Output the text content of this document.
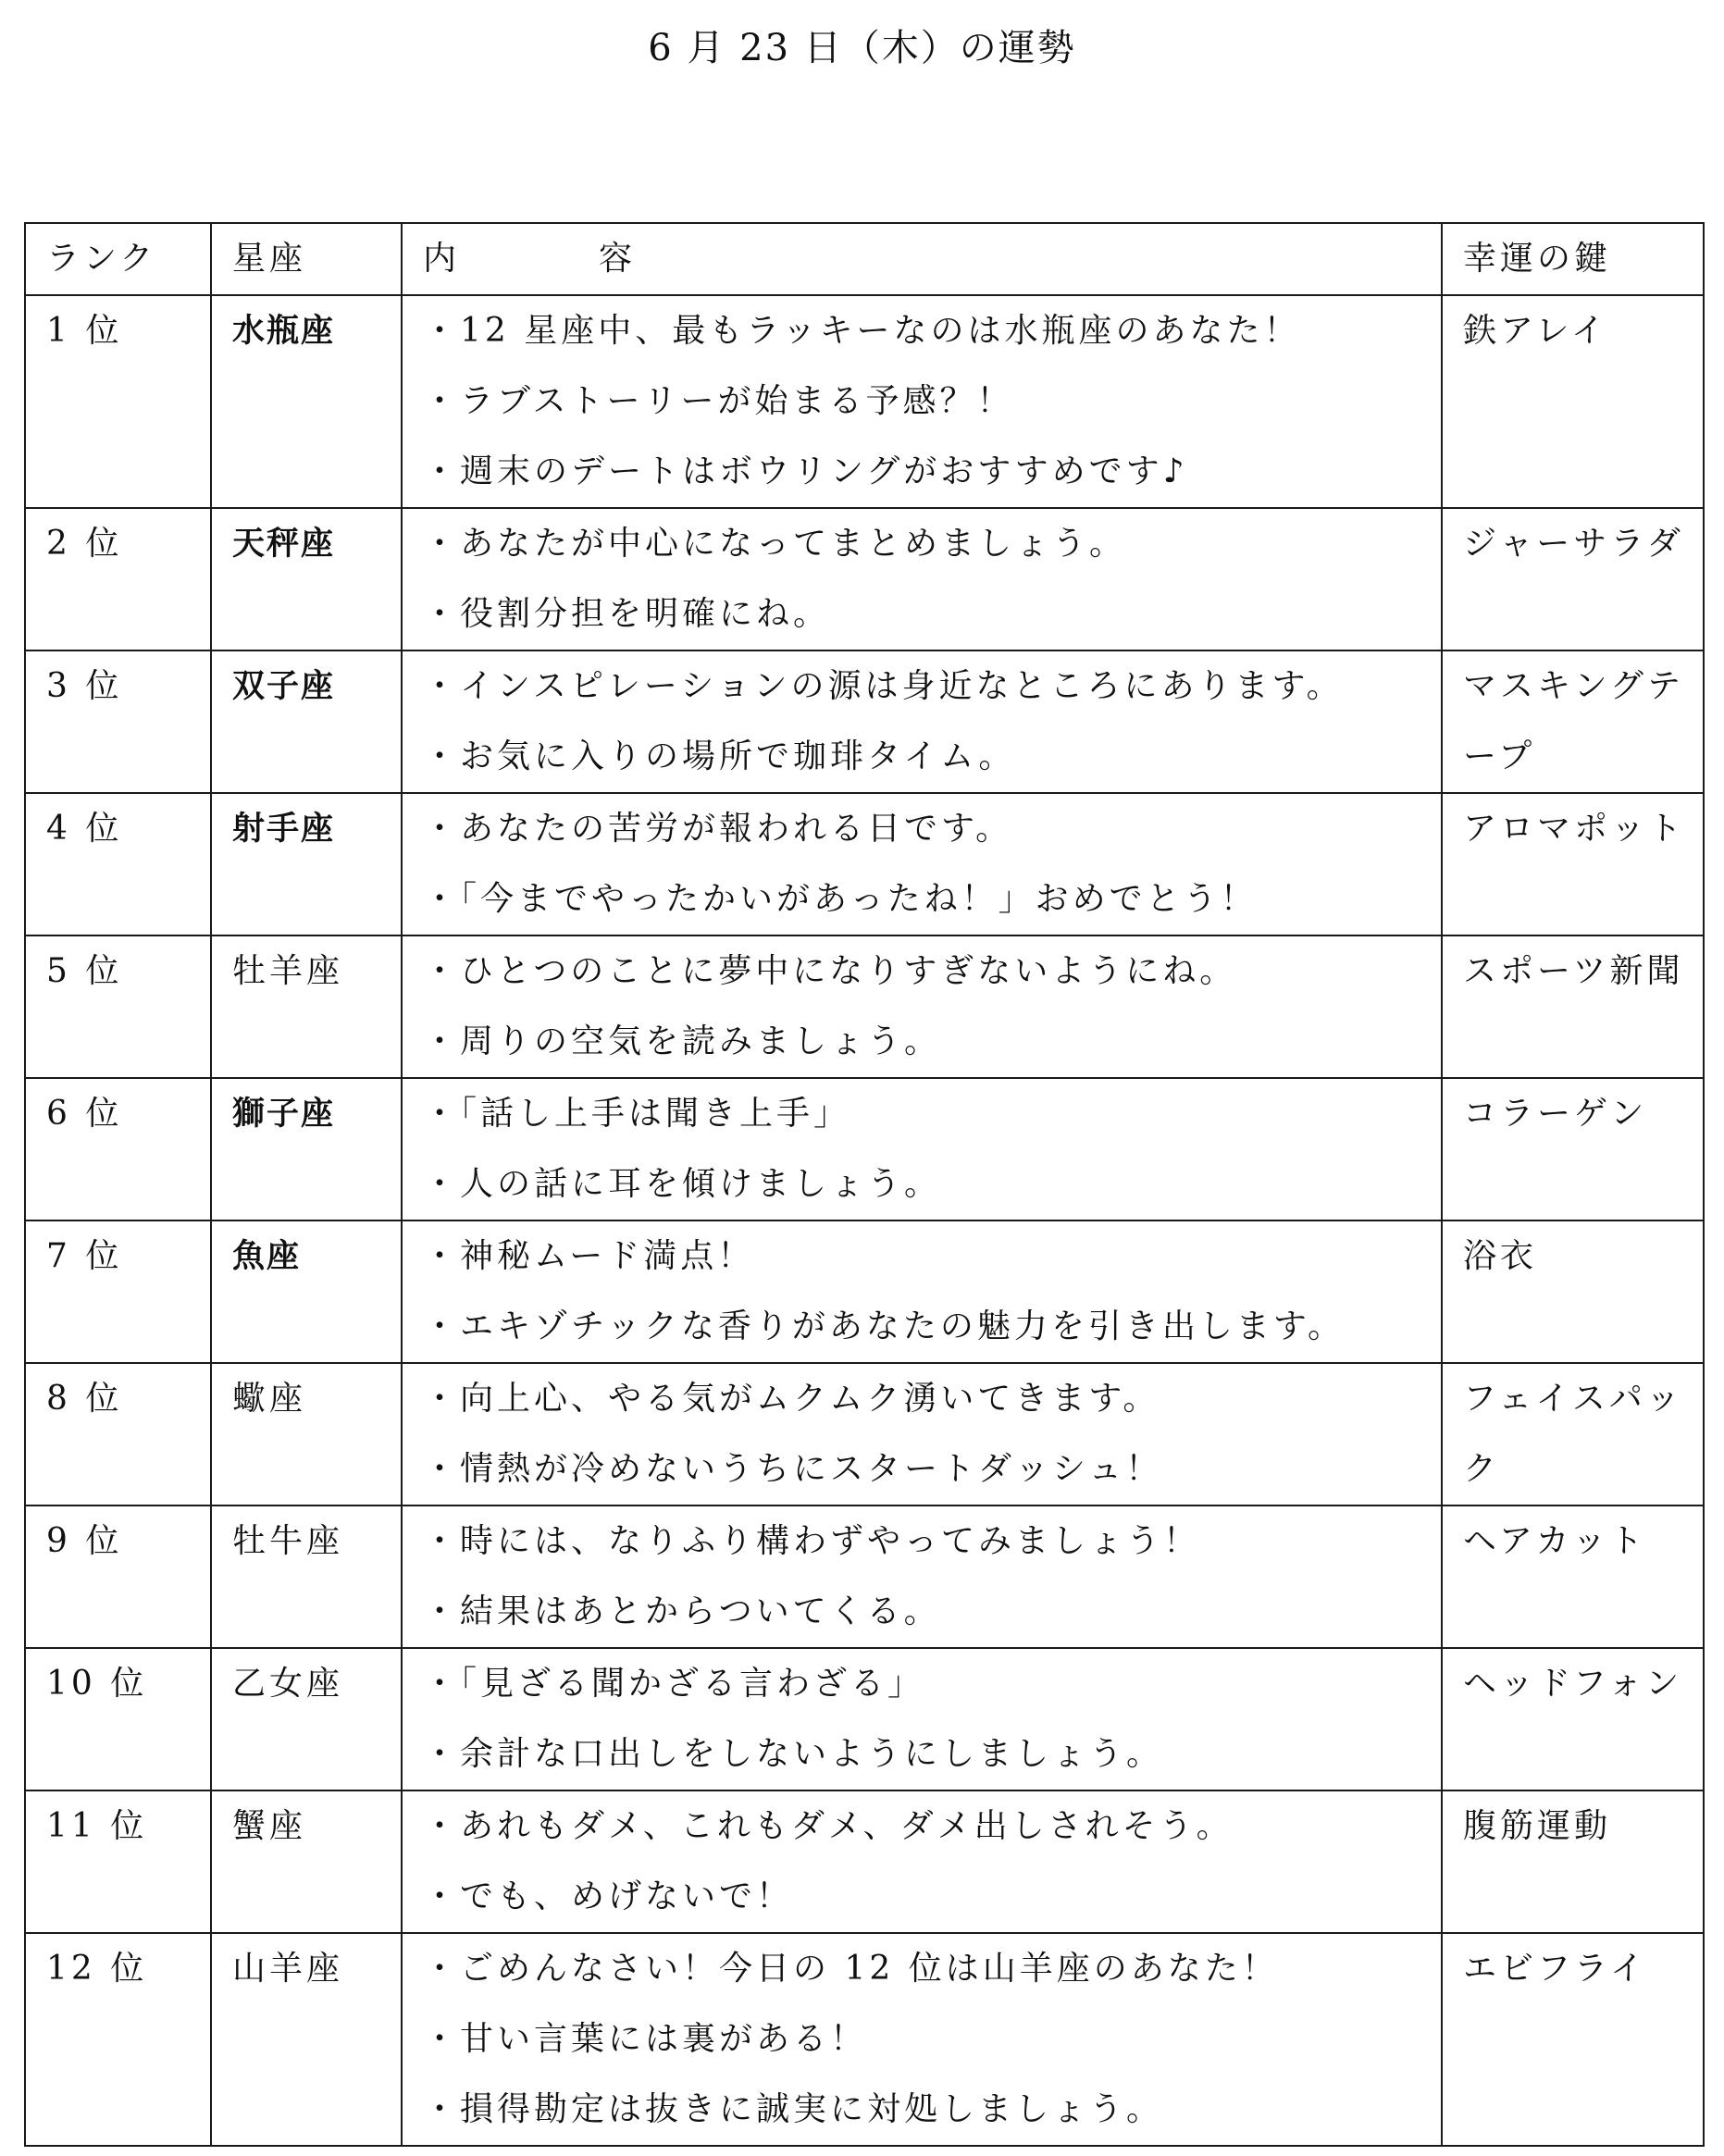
6 月 23 日（木）の運勢
ランク	星座	内 容	幸運の鍵
1 位	水瓶座	・12 星座中、最もラッキーなのは水瓶座のあなた！
・ラブストーリーが始まる予感？！
・週末のデートはボウリングがおすすめです♪	鉄アレイ
2 位	天秤座	・あなたが中心になってまとめましょう。
・役割分担を明確にね。	ジャーサラダ
3 位	双子座	・インスピレーションの源は身近なところにあります。
・お気に入りの場所で珈琲タイム。	マスキングテープ
4 位	射手座	・あなたの苦労が報われる日です。
・「今までやったかいがあったね！」おめでとう！	アロマポット
5 位	牡羊座	・ひとつのことに夢中になりすぎないようにね。
・周りの空気を読みましょう。	スポーツ新聞
6 位	獅子座	・「話し上手は聞き上手」
・人の話に耳を傾けましょう。	コラーゲン
7 位	魚座	・神秘ムード満点！
・エキゾチックな香りがあなたの魅力を引き出します。	浴衣
8 位	蠍座	・向上心、やる気がムクムク湧いてきます。
・情熱が冷めないうちにスタートダッシュ！	フェイスパック
9 位	牡牛座	・時には、なりふり構わずやってみましょう！
・結果はあとからついてくる。	ヘアカット
10 位	乙女座	・「見ざる聞かざる言わざる」
・余計な口出しをしないようにしましょう。	ヘッドフォン
11 位	蟹座	・あれもダメ、これもダメ、ダメ出しされそう。
・でも、めげないで！	腹筋運動
12 位	山羊座	・ごめんなさい！今日の 12 位は山羊座のあなた！
・甘い言葉には裏がある！
・損得勘定は抜きに誠実に対処しましょう。	エビフライ
